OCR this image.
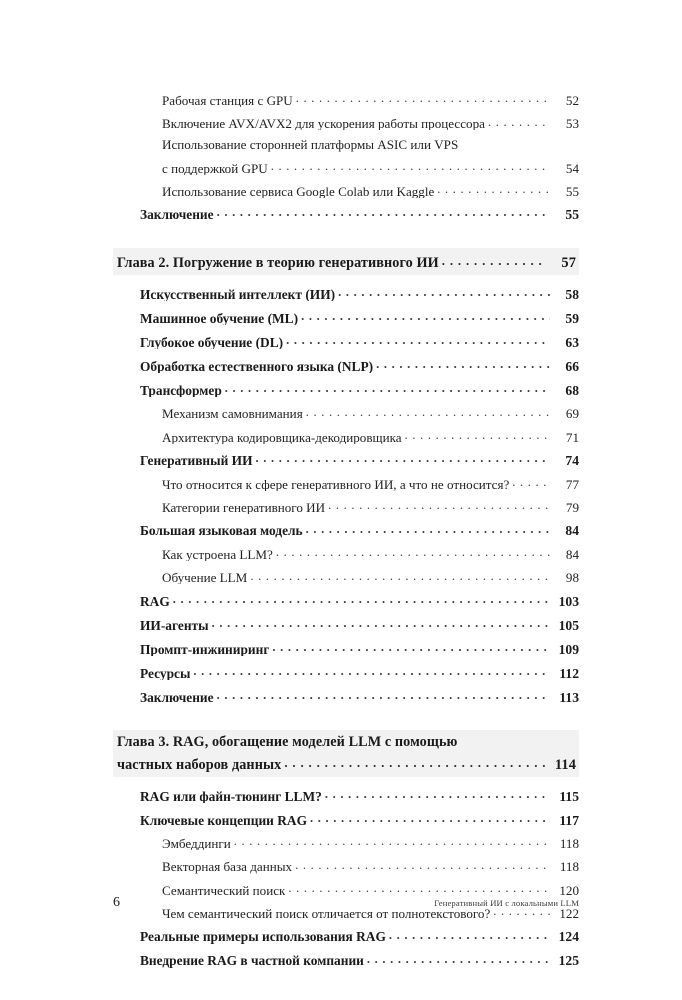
Рабочая станция с GPU . . .	52
Включение AVX/AVX2 для ускорения работы процессора . . .	53
Использование сторонней платформы ASIC или VPS
с поддержкой GPU . . .	54
Использование сервиса Google Colab или Kaggle . . .	55
Заключение . . .	55
Глава 2. Погружение в теорию генеративного ИИ . . .	57
Искусственный интеллект (ИИ) . . .	58
Машинное обучение (ML) . . .	59
Глубокое обучение (DL) . . .	63
Обработка естественного языка (NLP) . . .	66
Трансформер . . .	68
Механизм самовнимания . . .	69
Архитектура кодировщика-декодировщика . . .	71
Генеративный ИИ . . .	74
Что относится к сфере генеративного ИИ, а что не относится? . . .	77
Категории генеративного ИИ . . .	79
Большая языковая модель . . .	84
Как устроена LLM? . . .	84
Обучение LLM . . .	98
RAG . . .	103
ИИ-агенты . . .	105
Промпт-инжиниринг . . .	109
Ресурсы . . .	112
Заключение . . .	113
Глава 3. RAG, обогащение моделей LLM с помощью
частных наборов данных . . .	114
RAG или файн-тюнинг LLM? . . .	115
Ключевые концепции RAG . . .	117
Эмбеддинги . . .	118
Векторная база данных . . .	118
Семантический поиск . . .	120
Чем семантический поиск отличается от полнотекстового? . . .	122
Реальные примеры использования RAG . . .	124
Внедрение RAG в частной компании . . .	125
6	Генеративный ИИ с локальными LLM
